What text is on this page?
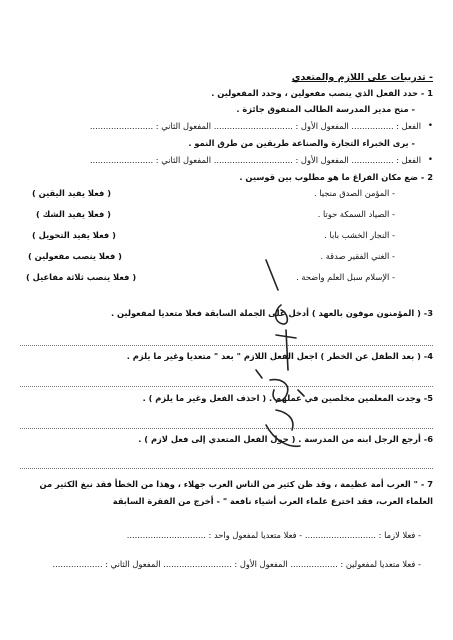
- تدريبات على اللازم والمتعدي
1 - حدد الفعل الذي ينصب مفعولين ، وحدد المفعولين .
- منح مدير المدرسة الطالب المتفوق جائزة .
•
الفعل : ................ المفعول الأول : .............................. المفعول الثاني : ........................
- يرى الخبراء التجارة والصناعة طريقين من طرق النمو .
•
الفعل : ................ المفعول الأول : .............................. المفعول الثاني : ........................
2 - ضع مكان الفراغ ما هو مطلوب بين قوسين .
- المؤمن الصدق منجيا .
( فعلا يفيد اليقين )
- الصياد السمكة حوتا .
( فعلا يفيد الشك )
- النجار الخشب بابا .
( فعلا يفيد التحويل )
- الغني الفقير صدقة .
( فعلا ينصب مفعولين )
- الإسلام سبل العلم واضحة .
( فعلا ينصب ثلاثة مفاعيل )
3- ( المؤمنون موفون بالعهد ) أدخل على الجملة السابقة فعلا متعديا لمفعولين .
4- ( بعد الطفل عن الخطر ) اجعل الفعل اللازم " بعد " متعديا وغير ما يلزم .
5- وجدت المعلمين مخلصين في عملهم . ( احذف الفعل وغير ما يلزم ) .
6- أرجع الرجل ابنه من المدرسة . ( حول الفعل المتعدي إلى فعل لازم ) .
7 - " العرب أمة عظيمة ، وقد ظن كثير من الناس العرب جهلاء ، وهذا من الخطأ فقد نبغ الكثير من
العلماء العرب، فقد اخترع علماء العرب أشياء نافعة " - أخرج من الفقرة السابقة
- فعلا لازما : ........................... - فعلا متعديا لمفعول واحد : ..............................
- فعلا متعديا لمفعولين : .................. المفعول الأول : .......................... المفعول الثاني : ...................
